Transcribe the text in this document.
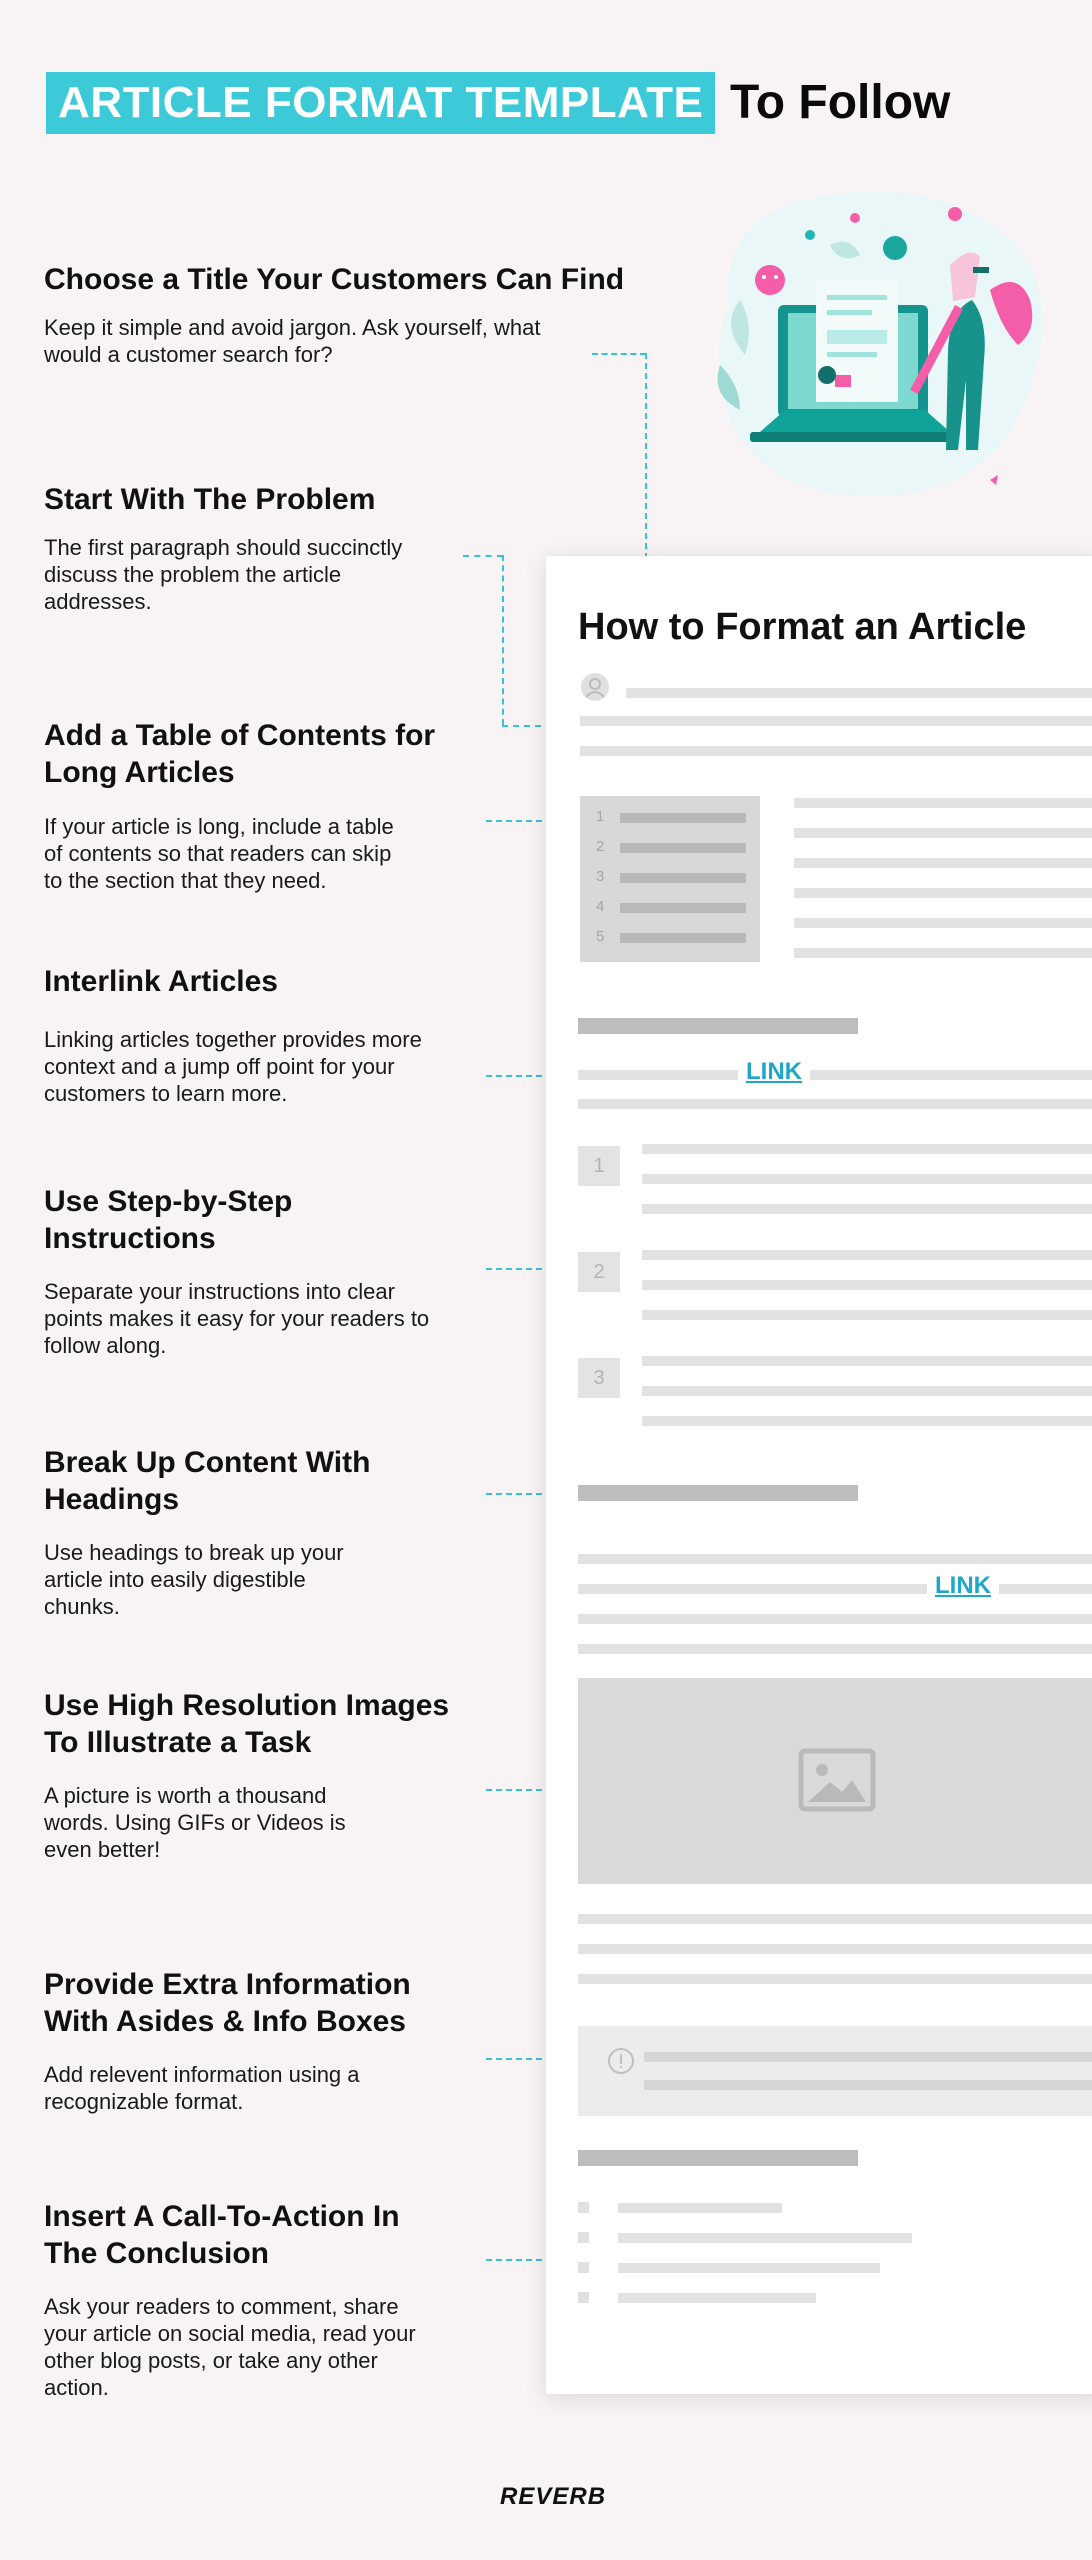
ARTICLE FORMAT TEMPLATE To Follow
Choose a Title Your Customers Can Find
Keep it simple and avoid jargon. Ask yourself, what would a customer search for?
Start With The Problem
The first paragraph should succinctly discuss the problem the article addresses.
Add a Table of Contents for Long Articles
If your article is long, include a table of contents so that readers can skip to the section that they need.
Interlink Articles
Linking articles together provides more context and a jump off point for your customers to learn more.
Use Step-by-Step Instructions
Separate your instructions into clear points makes it easy for your readers to follow along.
Break Up Content With Headings
Use headings to break up your article into easily digestible chunks.
Use High Resolution Images To Illustrate a Task
A picture is worth a thousand words. Using GIFs or Videos is even better!
Provide Extra Information With Asides & Info Boxes
Add relevent information using a recognizable format.
Insert A Call-To-Action In The Conclusion
Ask your readers to comment, share your article on social media, read your other blog posts, or take any other action.
How to Format an Article
1
2
3
4
5
LINK
1
2
3
LINK
REVERB
